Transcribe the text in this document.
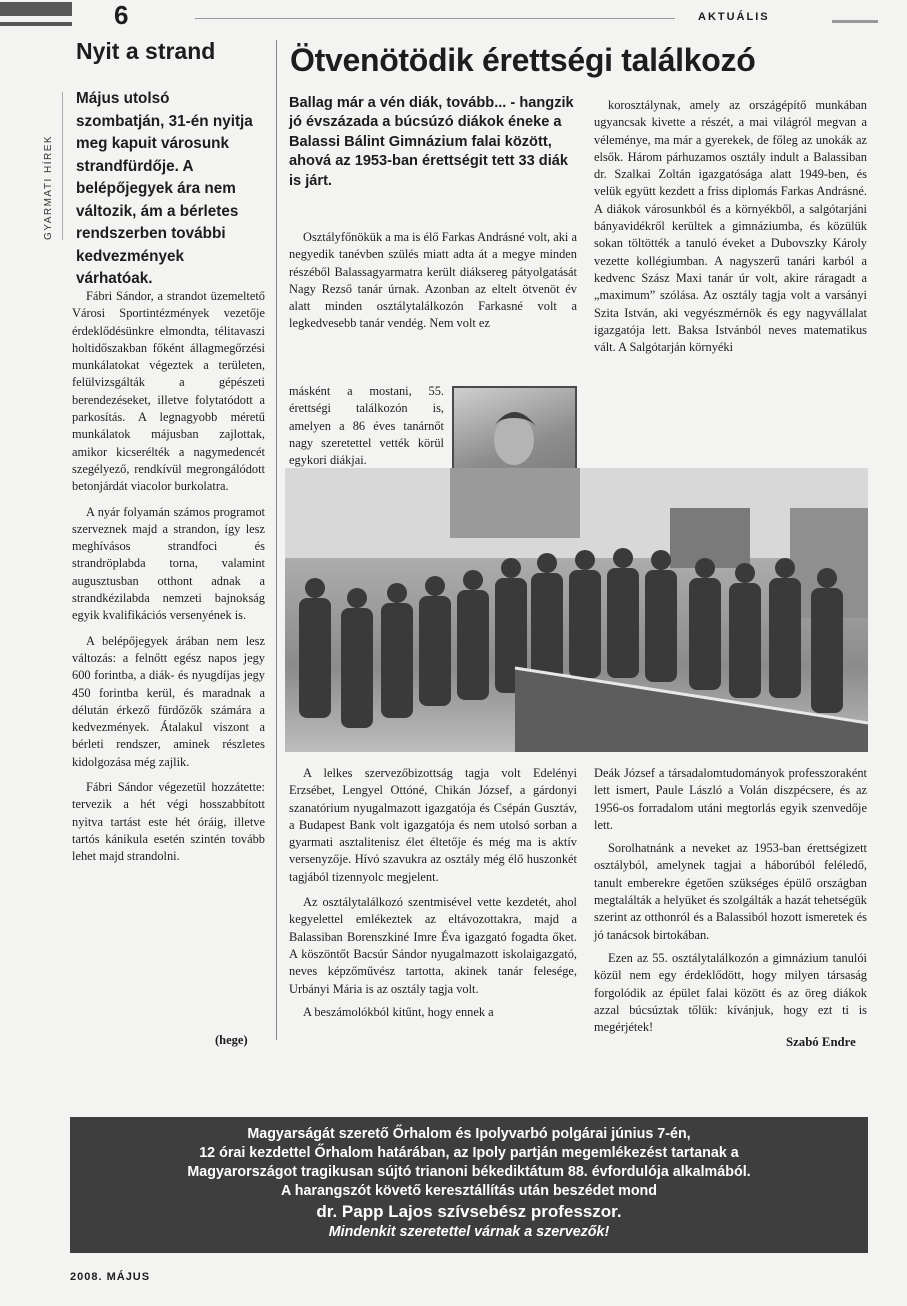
6	AKTUÁLIS
GYARMATI HÍREK
Nyit a strand
Május utolsó szombatján, 31-én nyitja meg kapuit városunk strandfürdője. A belépőjegyek ára nem változik, ám a bérletes rendszerben további kedvezmények várhatóak.

Fábri Sándor, a strandot üzemeltető Városi Sportintézmények vezetője érdeklődésünkre elmondta, télitavaszi holtidőszakban főként állagmegőrzési munkálatokat végeztek a területen, felülvizsgálták a gépészeti berendezéseket, illetve folytatódott a parkosítás. A legnagyobb méretű munkálatok májusban zajlottak, amikor kicserélték a nagymedencét szegélyező, rendkívül megrongálódott betonjárdát viacolor burkolatra.

A nyár folyamán számos programot szerveznek majd a strandon, így lesz meghívásos strandfoci és strandröplabda torna, valamint augusztusban otthont adnak a strandkézilabda nemzeti bajnokság egyik kvalifikációs versenyének is.

A belépőjegyek árában nem lesz változás: a felnőtt egész napos jegy 600 forintba, a diák- és nyugdíjas jegy 450 forintba kerül, és maradnak a délután érkező fürdőzők számára a kedvezmények. Átalakul viszont a bérleti rendszer, aminek részletes kidolgozása még zajlik.

Fábri Sándor végezetül hozzátette: tervezik a hét végi hosszabbított nyitva tartást este hét óráig, illetve tartós kánikula esetén szintén tovább lehet majd strandolni.

(hege)
Ötvenötödik érettségi találkozó
Ballag már a vén diák, tovább... - hangzik jó évszázada a búcsúzó diákok éneke a Balassi Bálint Gimnázium falai között, ahová az 1953-ban érettségit tett 33 diák is járt.

Osztályfőnökük a ma is élő Farkas Andrásné volt, aki a negyedik tanévben szülés miatt adta át a megye minden részéből Balassagyarmatra került diáksereg pátyolgatását Nagy Rezső tanár úrnak. Azonban az eltelt ötvenöt év alatt minden osztálytalálkozón Farkasné volt a legkedvesebb tanár vendég. Nem volt ez

másként a mostani, 55. érettségi találkozón is, amelyen a 86 éves tanárnőt nagy szeretettel vették körül egykori diákjai.

korosztálynak, amely az országépítő munkában ugyancsak kivette a részét, a mai világról megvan a véleménye, ma már a gyerekek, de főleg az unokák az elsők. Három párhuzamos osztály indult a Balassiban dr. Szalkai Zoltán igazgatósága alatt 1949-ben, és velük együtt kezdett a friss diplomás Farkas Andrásné. A diákok városunkból és a környékből, a salgótarjáni bányavidékről kerültek a gimnáziumba, és közülük sokan töltötték a tanuló éveket a Dubovszky Károly vezette kollégiumban. A nagyszerű tanári karból a kedvenc Szász Maxi tanár úr volt, akire ráragadt a „maximum” szólása. Az osztály tagja volt a varsányi Szita István, aki vegyészmérnök és egy nagyvállalat igazgatója lett. Baksa Istvánból neves matematikus vált. A Salgótarján környéki

A lelkes szervezőbizottság tagja volt Edelényi Erzsébet, Lengyel Ottóné, Chikán József, a gárdonyi szanatórium nyugalmazott igazgatója és Csépán Gusztáv, a Budapest Bank volt igazgatója és nem utolsó sorban a gyarmati asztalitenisz élet éltetője és még ma is aktív versenyzője. Hívó szavukra az osztály még élő huszonkét tagjából tizennyolc megjelent.

Az osztálytalálkozó szentmisével vette kezdetét, ahol kegyelettel emlékeztek az eltávozottakra, majd a Balassiban Borenszkiné Imre Éva igazgató fogadta őket. A köszöntőt Bacsúr Sándor nyugalmazott iskolaigazgató, neves képzőművész tartotta, akinek tanár felesége, Urbányi Mária is az osztály tagja volt.

A beszámolókból kitűnt, hogy ennek a

Deák József a társadalomtudományok professzoraként lett ismert, Paule László a Volán diszpécsere, és az 1956-os forradalom utáni megtorlás egyik szenvedője lett.

Sorolhatnánk a neveket az 1953-ban érettségizett osztályból, amelynek tagjai a háborúból feléledő, tanult emberekre égetően szükséges épülő országban megtalálták a helyüket és szolgálták a hazát tehetségük szerint az otthonról és a Balassiból hozott ismeretek és jó tanácsok birtokában.

Ezen az 55. osztálytalálkozón a gimnázium tanulói közül nem egy érdeklődött, hogy milyen társaság forgolódik az épület falai között és az öreg diákok azzal búcsúztak tőlük: kívánjuk, hogy ezt ti is megérjétek!

Szabó Endre
Magyarságát szerető Őrhalom és Ipolyvarbó polgárai június 7-én,
12 órai kezdettel Őrhalom határában, az Ipoly partján megemlékezést tartanak a
Magyarországot tragikusan sújtó trianoni békediktátum 88. évfordulója alkalmából.
A harangszót követő keresztállítás után beszédet mond
dr. Papp Lajos szívsebész professzor.
Mindenkit szeretettel várnak a szervezők!
2008. MÁJUS
